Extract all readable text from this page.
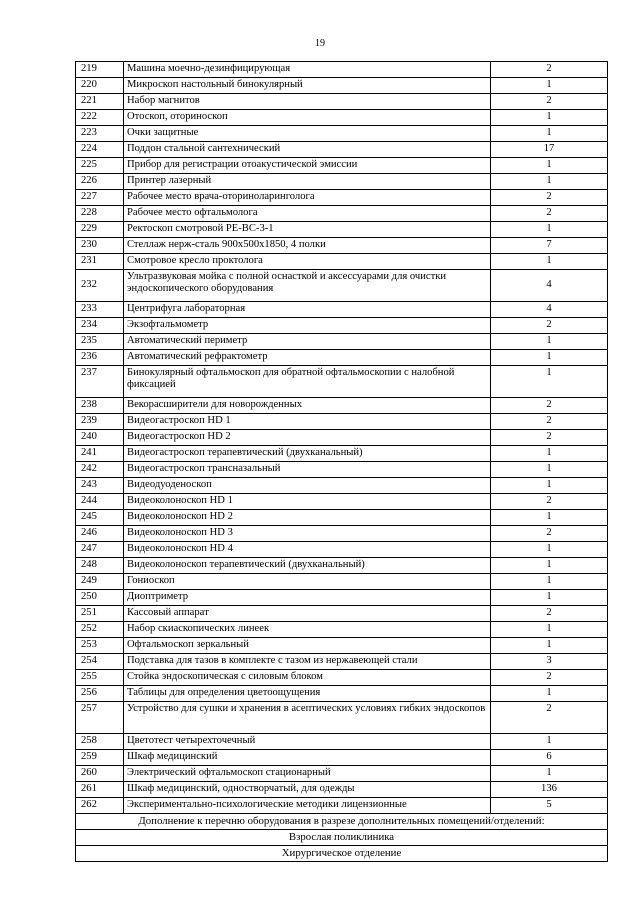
19
219	Машина моечно-дезинфицирующая	2
220	Микроскоп настольный бинокулярный	1
221	Набор магнитов	2
222	Отоскоп, оториноскоп	1
223	Очки защитные	1
224	Поддон стальной сантехнический	17
225	Прибор для регистрации отоакустической эмиссии	1
226	Принтер лазерный	1
227	Рабочее место врача-оториноларинголога	2
228	Рабочее место офтальмолога	2
229	Ректоскоп смотровой РЕ-ВС-3-1	1
230	Стеллаж нерж-сталь 900х500х1850, 4 полки	7
231	Смотровое кресло проктолога	1
232	Ультразвуковая мойка с полной оснасткой и аксессуарами для очистки эндоскопического оборудования	4
233	Центрифуга лабораторная	4
234	Экзофтальмометр	2
235	Автоматический периметр	1
236	Автоматический рефрактометр	1
237	Бинокулярный офтальмоскоп для обратной офтальмоскопии с налобной фиксацией	1
238	Векорасширители для новорожденных	2
239	Видеогастроскоп HD 1	2
240	Видеогастроскоп HD 2	2
241	Видеогастроскоп терапевтический (двухканальный)	1
242	Видеогастроскоп трансназальный	1
243	Видеодуоденоскоп	1
244	Видеоколоноскоп HD 1	2
245	Видеоколоноскоп HD 2	1
246	Видеоколоноскоп HD 3	2
247	Видеоколоноскоп HD 4	1
248	Видеоколоноскоп терапевтический (двухканальный)	1
249	Гониоскоп	1
250	Диоптриметр	1
251	Кассовый аппарат	2
252	Набор скиаскопических линеек	1
253	Офтальмоскоп зеркальный	1
254	Подставка для тазов в комплекте с тазом из нержавеющей стали	3
255	Стойка эндоскопическая с силовым блоком	2
256	Таблицы для определения цветоощущения	1
257	Устройство для сушки и хранения в асептических условиях гибких эндоскопов	2
258	Цветотест четырехточечный	1
259	Шкаф медицинский	6
260	Электрический офтальмоскоп стационарный	1
261	Шкаф медицинский, одностворчатый, для одежды	136
262	Экспериментально-психологические методики лицензионные	5
Дополнение к перечню оборудования в разрезе дополнительных помещений/отделений:		
Взрослая поликлиника		
Хирургическое отделение		
